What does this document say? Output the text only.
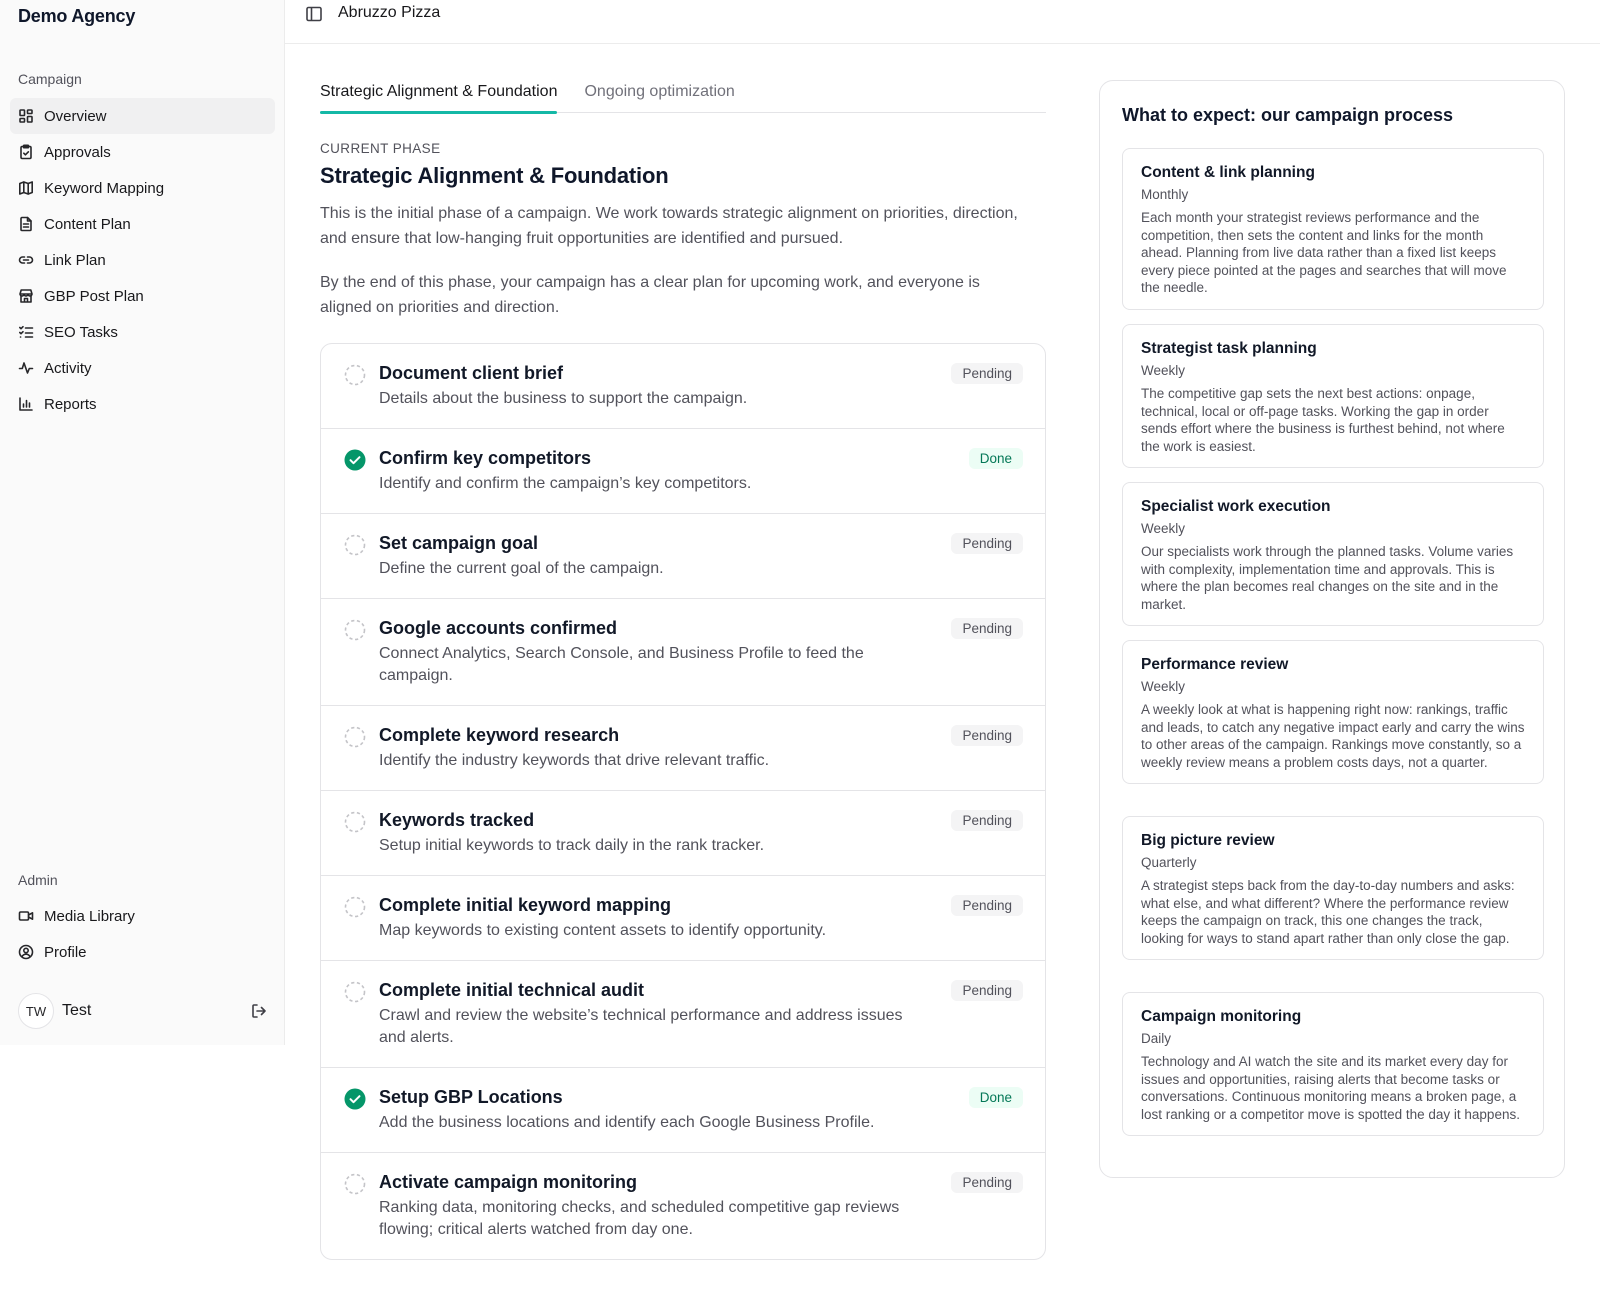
Demo Agency
Campaign
Overview
Approvals
Keyword Mapping
Content Plan
Link Plan
GBP Post Plan
SEO Tasks
Activity
Reports
Admin
Media Library
Profile
TW Test
Abruzzo Pizza
Strategic Alignment & Foundation Ongoing optimization
CURRENT PHASE
Strategic Alignment & Foundation

This is the initial phase of a campaign. We work towards strategic alignment on priorities, direction, and ensure that low-hanging fruit opportunities are identified and pursued.

By the end of this phase, your campaign has a clear plan for upcoming work, and everyone is aligned on priorities and direction.

Document client brief
Details about the business to support the campaign.
Pending
Confirm key competitors
Identify and confirm the campaign’s key competitors.
Done
Set campaign goal
Define the current goal of the campaign.
Pending
Google accounts confirmed
Connect Analytics, Search Console, and Business Profile to feed the campaign.
Pending
Complete keyword research
Identify the industry keywords that drive relevant traffic.
Pending
Keywords tracked
Setup initial keywords to track daily in the rank tracker.
Pending
Complete initial keyword mapping
Map keywords to existing content assets to identify opportunity.
Pending
Complete initial technical audit
Crawl and review the website’s technical performance and address issues and alerts.
Pending
Setup GBP Locations
Add the business locations and identify each Google Business Profile.
Done
Activate campaign monitoring
Ranking data, monitoring checks, and scheduled competitive gap reviews flowing; critical alerts watched from day one.
Pending
What to expect: our campaign process
Content & link planning
Monthly
Each month your strategist reviews performance and the competition, then sets the content and links for the month ahead. Planning from live data rather than a fixed list keeps every piece pointed at the pages and searches that will move the needle.
Strategist task planning
Weekly
The competitive gap sets the next best actions: onpage, technical, local or off-page tasks. Working the gap in order sends effort where the business is furthest behind, not where the work is easiest.
Specialist work execution
Weekly
Our specialists work through the planned tasks. Volume varies with complexity, implementation time and approvals. This is where the plan becomes real changes on the site and in the market.
Performance review
Weekly
A weekly look at what is happening right now: rankings, traffic and leads, to catch any negative impact early and carry the wins to other areas of the campaign. Rankings move constantly, so a weekly review means a problem costs days, not a quarter.
Big picture review
Quarterly
A strategist steps back from the day-to-day numbers and asks: what else, and what different? Where the performance review keeps the campaign on track, this one changes the track, looking for ways to stand apart rather than only close the gap.
Campaign monitoring
Daily
Technology and AI watch the site and its market every day for issues and opportunities, raising alerts that become tasks or conversations. Continuous monitoring means a broken page, a lost ranking or a competitor move is spotted the day it happens.
